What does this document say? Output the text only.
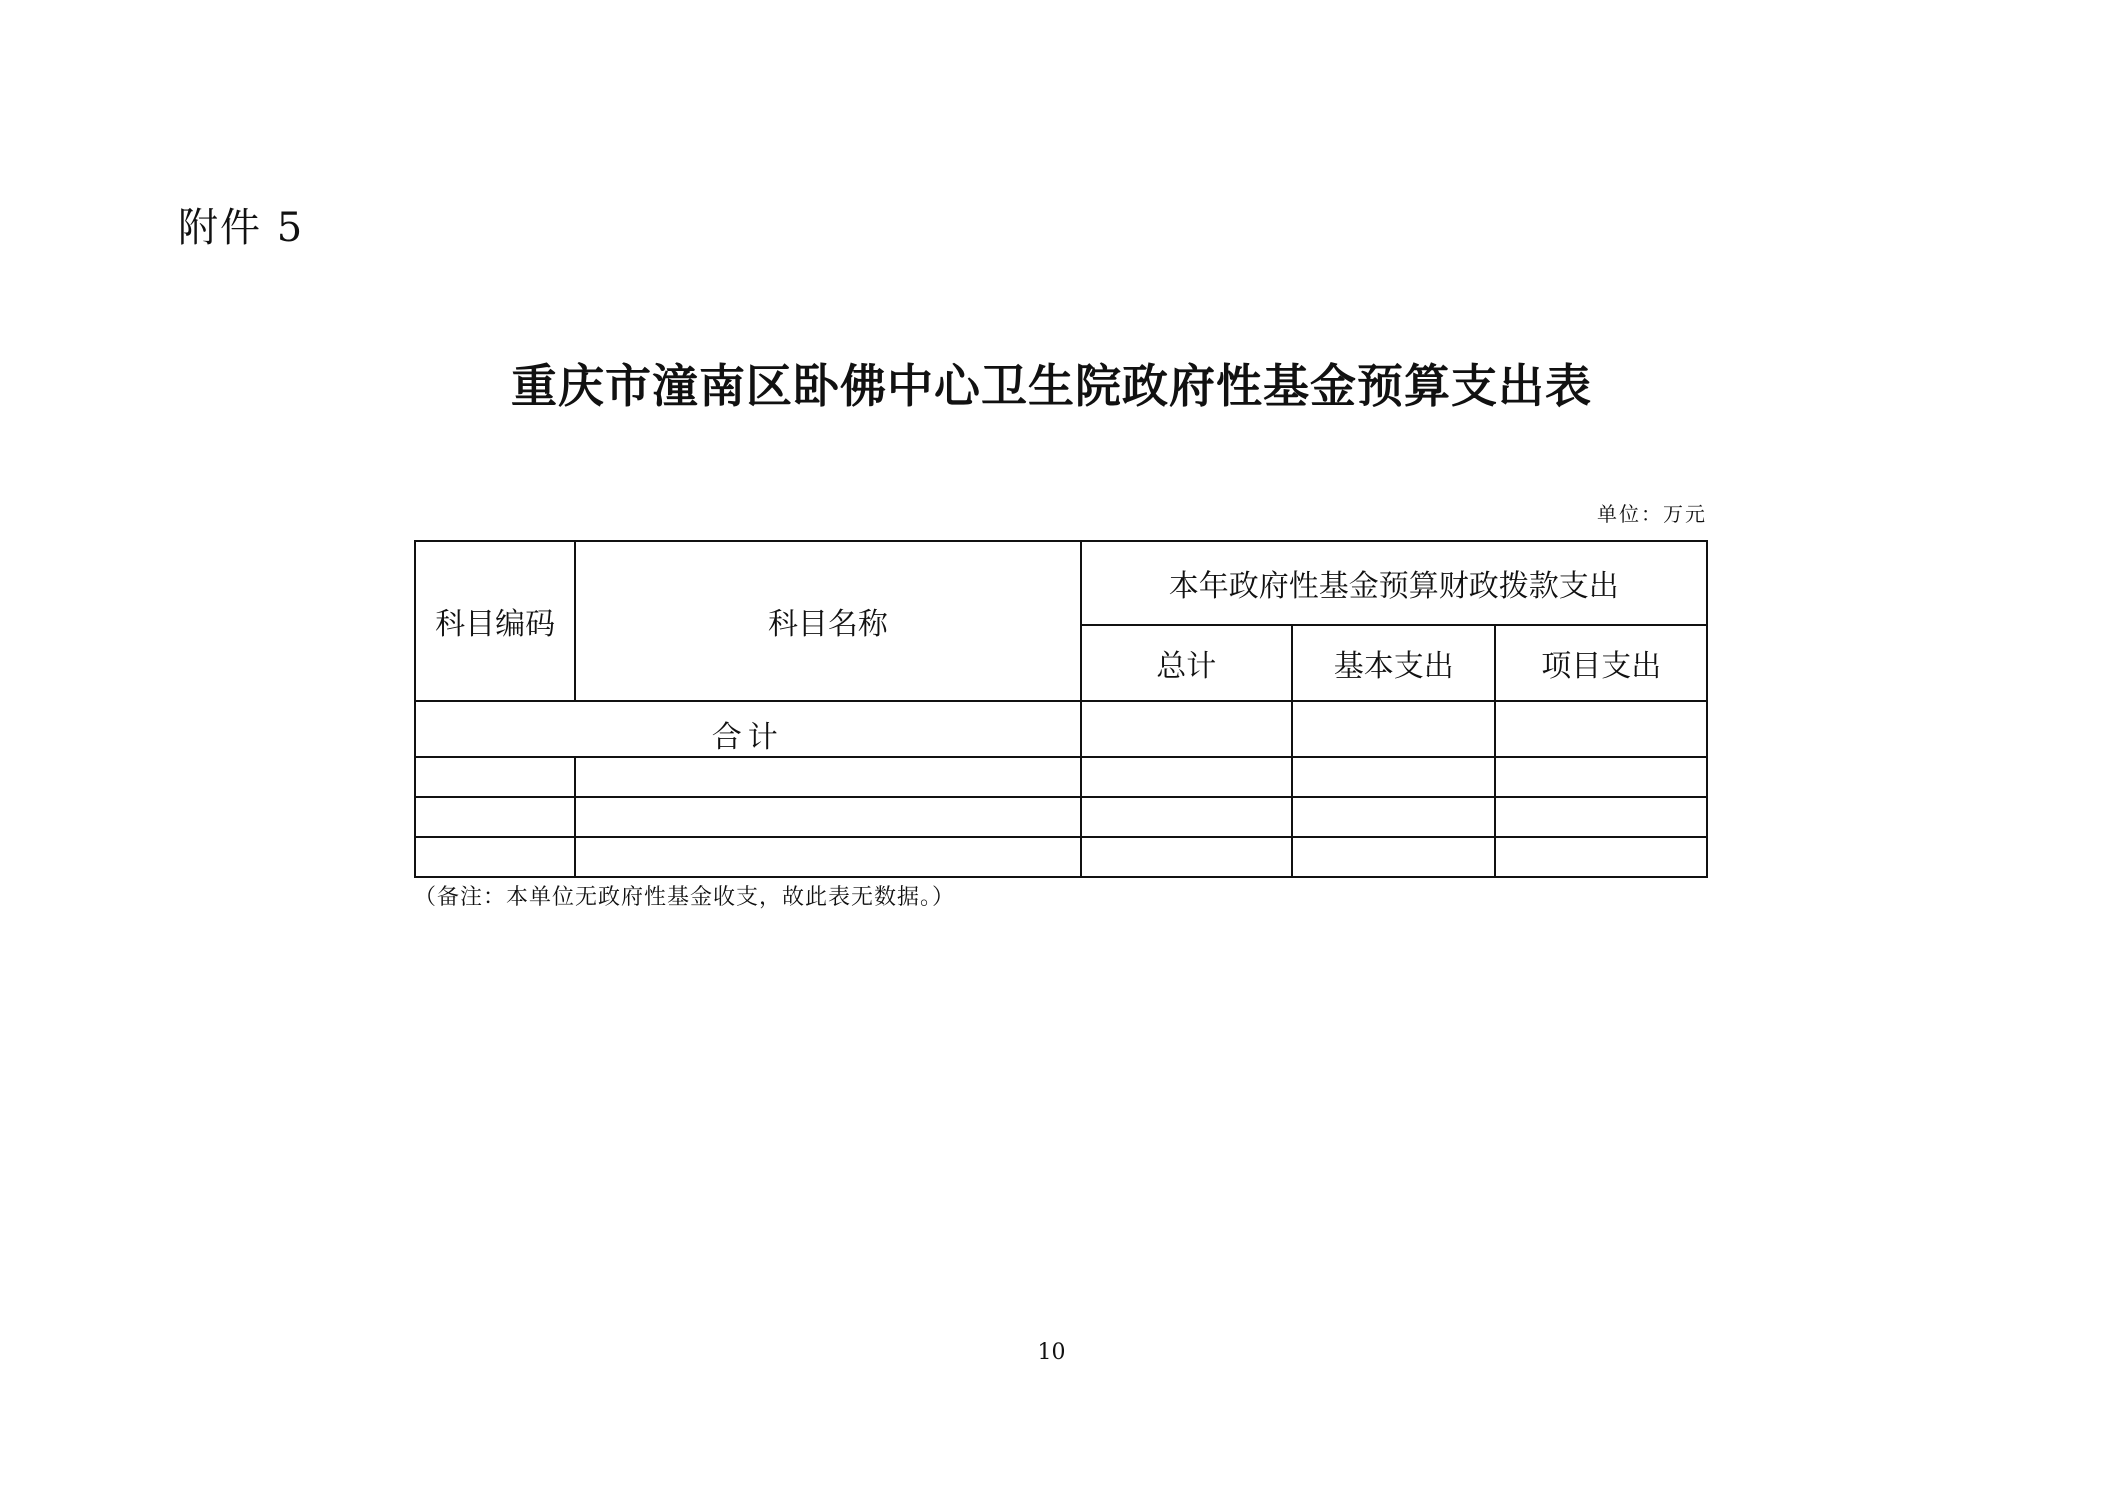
附件 5
重庆市潼南区卧佛中心卫生院政府性基金预算支出表
单位：万元
科目编码	科目名称	本年政府性基金预算财政拨款支出		
		总计	基本支出	项目支出
合计				

（备注：本单位无政府性基金收支，故此表无数据。）
10
